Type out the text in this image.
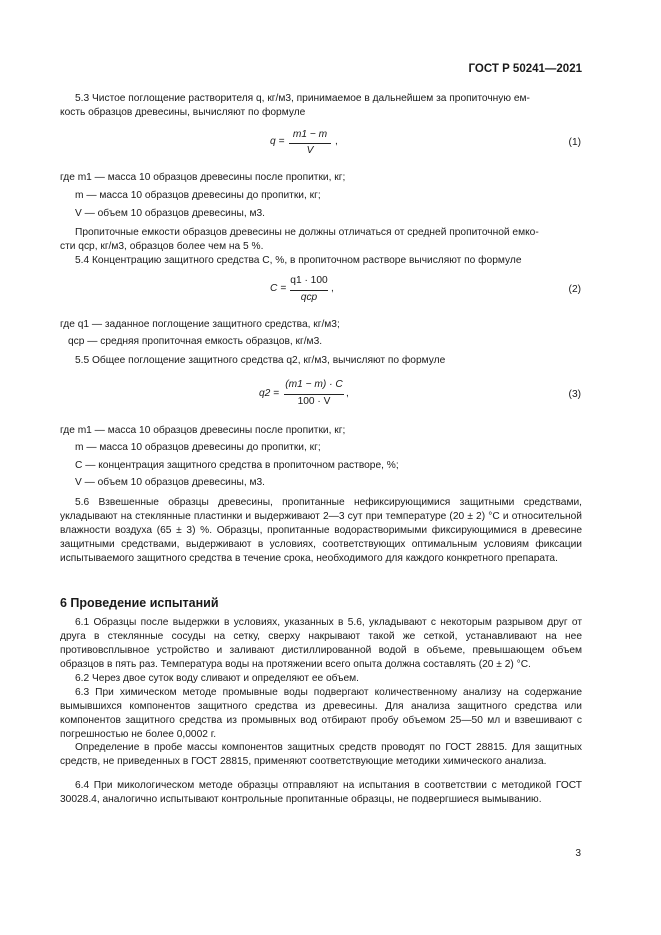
ГОСТ Р 50241—2021
5.3 Чистое поглощение растворителя q, кг/м3, принимаемое в дальнейшем за пропиточную ем-
кость образцов древесины, вычисляют по формуле
q =
m1 − m
V
,	(1)
где m1 — масса 10 образцов древесины после пропитки, кг;
m — масса 10 образцов древесины до пропитки, кг;
V — объем 10 образцов древесины, м3.
Пропиточные емкости образцов древесины не должны отличаться от средней пропиточной емко-
сти qср, кг/м3, образцов более чем на 5 %.
5.4 Концентрацию защитного средства С, %, в пропиточном растворе вычисляют по формуле
C =
q1 · 100
qср
,	(2)
где q1 — заданное поглощение защитного средства, кг/м3;
qср — средняя пропиточная емкость образцов, кг/м3.
5.5 Общее поглощение защитного средства q2, кг/м3, вычисляют по формуле
q2 =
(m1 − m) · C
100 · V
,	(3)
где m1 — масса 10 образцов древесины после пропитки, кг;
m — масса 10 образцов древесины до пропитки, кг;
C — концентрация защитного средства в пропиточном растворе, %;
V — объем 10 образцов древесины, м3.
5.6 Взвешенные образцы древесины, пропитанные нефиксирующимися защитными средствами, укладывают на стеклянные пластинки и выдерживают 2—3 сут при температуре (20 ± 2) °С и относительной влажности воздуха (65 ± 3) %. Образцы, пропитанные водорастворимыми фиксирующимися в древесине защитными средствами, выдерживают в условиях, соответствующих оптимальным условиям фиксации испытываемого защитного средства в течение срока, необходимого для каждого конкретного препарата.
6 Проведение испытаний
6.1 Образцы после выдержки в условиях, указанных в 5.6, укладывают с некоторым разрывом друг от друга в стеклянные сосуды на сетку, сверху накрывают такой же сеткой, устанавливают на нее противовсплывное устройство и заливают дистиллированной водой в объеме, превышающем объем образцов в пять раз. Температура воды на протяжении всего опыта должна составлять (20 ± 2) °С.
6.2 Через двое суток воду сливают и определяют ее объем.
6.3 При химическом методе промывные воды подвергают количественному анализу на содержание вымывшихся компонентов защитного средства из древесины. Для анализа защитного средства или компонентов защитного средства из промывных вод отбирают пробу объемом 25—50 мл и взвешивают с погрешностью не более 0,0002 г.
Определение в пробе массы компонентов защитных средств проводят по ГОСТ 28815. Для защитных средств, не приведенных в ГОСТ 28815, применяют соответствующие методики химического анализа.
6.4 При микологическом методе образцы отправляют на испытания в соответствии с методикой ГОСТ 30028.4, аналогично испытывают контрольные пропитанные образцы, не подвергшиеся вымыванию.
3
